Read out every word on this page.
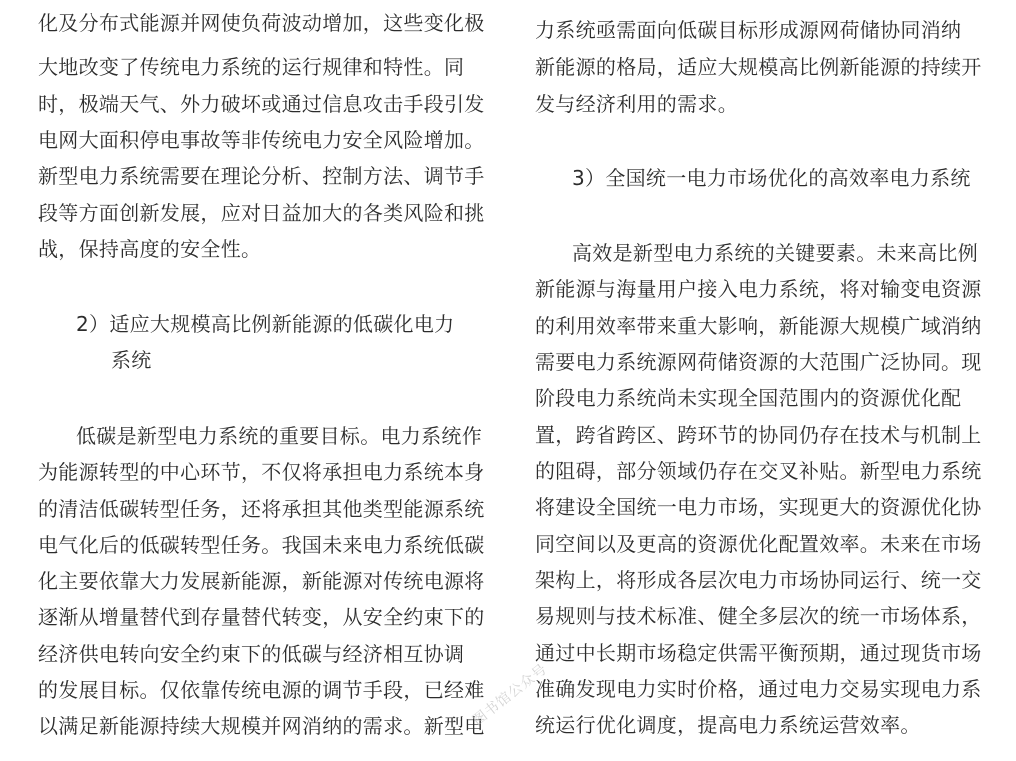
化及分布式能源并网使负荷波动增加，这些变化极
大地改变了传统电力系统的运行规律和特性。同
时，极端天气、外力破坏或通过信息攻击手段引发
电网大面积停电事故等非传统电力安全风险增加。
新型电力系统需要在理论分析、控制方法、调节手
段等方面创新发展，应对日益加大的各类风险和挑
战，保持高度的安全性。
2）适应大规模高比例新能源的低碳化电力
系统
低碳是新型电力系统的重要目标。电力系统作
为能源转型的中心环节，不仅将承担电力系统本身
的清洁低碳转型任务，还将承担其他类型能源系统
电气化后的低碳转型任务。我国未来电力系统低碳
化主要依靠大力发展新能源，新能源对传统电源将
逐渐从增量替代到存量替代转变，从安全约束下的
经济供电转向安全约束下的低碳与经济相互协调
的发展目标。仅依靠传统电源的调节手段，已经难
以满足新能源持续大规模并网消纳的需求。新型电
力系统亟需面向低碳目标形成源网荷储协同消纳
新能源的格局，适应大规模高比例新能源的持续开
发与经济利用的需求。
3）全国统一电力市场优化的高效率电力系统
高效是新型电力系统的关键要素。未来高比例
新能源与海量用户接入电力系统，将对输变电资源
的利用效率带来重大影响，新能源大规模广域消纳
需要电力系统源网荷储资源的大范围广泛协同。现
阶段电力系统尚未实现全国范围内的资源优化配
置，跨省跨区、跨环节的协同仍存在技术与机制上
的阻碍，部分领域仍存在交叉补贴。新型电力系统
将建设全国统一电力市场，实现更大的资源优化协
同空间以及更高的资源优化配置效率。未来在市场
架构上，将形成各层次电力市场协同运行、统一交
易规则与技术标准、健全多层次的统一市场体系，
通过中长期市场稳定供需平衡预期，通过现货市场
准确发现电力实时价格，通过电力交易实现电力系
统运行优化调度，提高电力系统运营效率。
图书馆公众号
